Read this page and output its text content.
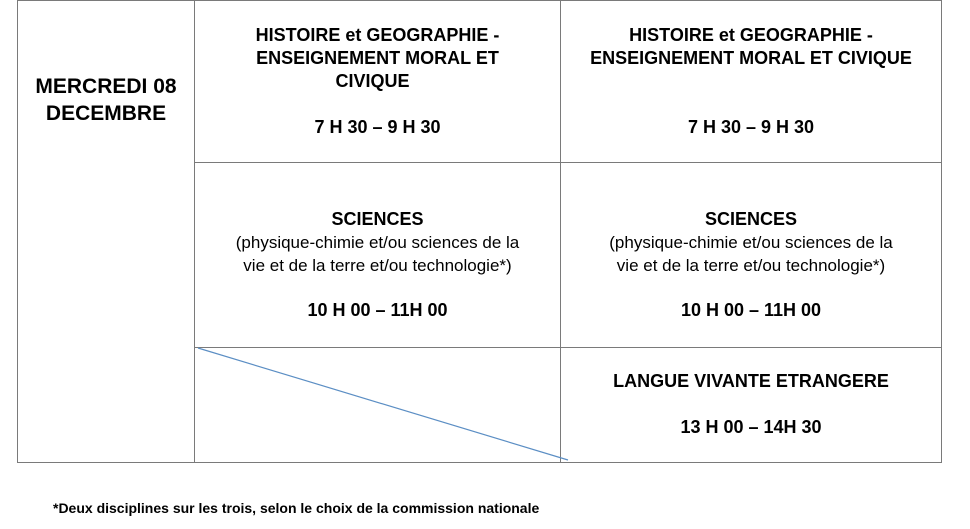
MERCREDI 08
DECEMBRE
HISTOIRE et GEOGRAPHIE -
ENSEIGNEMENT MORAL ET
CIVIQUE
7 H 30 – 9 H 30
HISTOIRE et GEOGRAPHIE -
ENSEIGNEMENT MORAL ET CIVIQUE
7 H 30 – 9 H 30
SCIENCES
(physique-chimie et/ou sciences de la
vie et de la terre et/ou technologie*)
10 H 00 – 11H 00
SCIENCES
(physique-chimie et/ou sciences de la
vie et de la terre et/ou technologie*)
10 H 00 – 11H 00
LANGUE VIVANTE ETRANGERE
13 H 00 – 14H 30
*Deux disciplines sur les trois, selon le choix de la commission nationale
